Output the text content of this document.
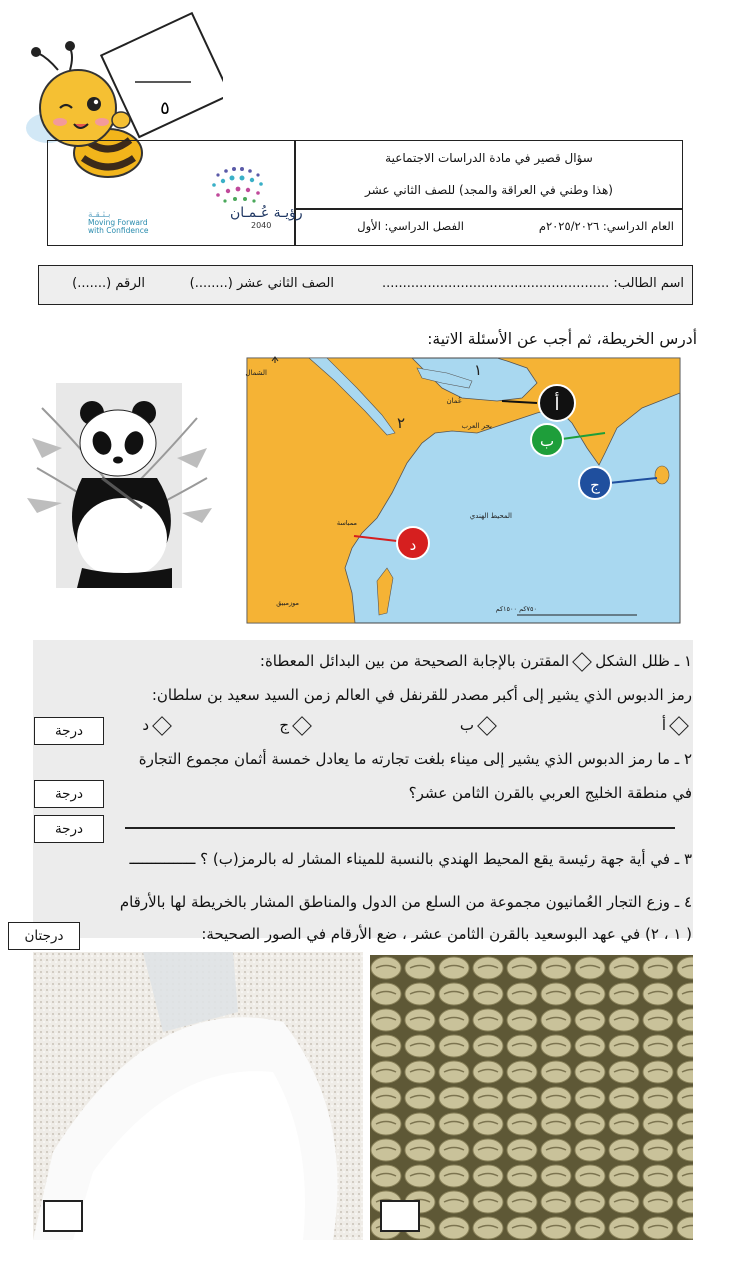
٥
سؤال قصير في مادة الدراسات الاجتماعية
(هذا وطني في العراقة والمجد) للصف الثاني عشر
العام الدراسي: ٢٠٢٥/٢٠٢٦م
الفصل الدراسي: الأول
رؤيـة عُـمـان
2040
بـثـقـة
Moving Forward
with Confidence
اسم الطالب: .......................................................
الصف الثاني عشر (........)
الرقم (.......)
أدرس الخريطة، ثم أجب عن الأسئلة الاتية:
الشمال	١
٢
عُمان
بحر العرب
المحيط الهندي
ممباسة
موزمبيق
٧٥٠كم ١٥٠٠كم
أ
ب
ج
د
١ ـ ظلل الشكلالمقترن بالإجابة الصحيحة من بين البدائل المعطاة:
رمز الدبوس الذي يشير إلى أكبر مصدر للقرنفل في العالم زمن السيد سعيد بن سلطان:
أ
ب
ج
د
درجة
٢ ـ ما رمز الدبوس الذي يشير إلى ميناء بلغت تجارته ما يعادل خمسة أثمان مجموع التجارة
في منطقة الخليج العربي بالقرن الثامن عشر؟
درجة
درجة
٣ ـ في أية جهة رئيسة يقع المحيط الهندي بالنسبة للميناء المشار له بالرمز(ب) ؟ ـــــــــــــــ
٤ ـ وزع التجار العُمانيون مجموعة من السلع من الدول والمناطق المشار بالخريطة لها بالأرقام
( ١ ، ٢) في عهد البوسعيد بالقرن الثامن عشر ، ضع الأرقام في الصور الصحيحة:
درجتان
